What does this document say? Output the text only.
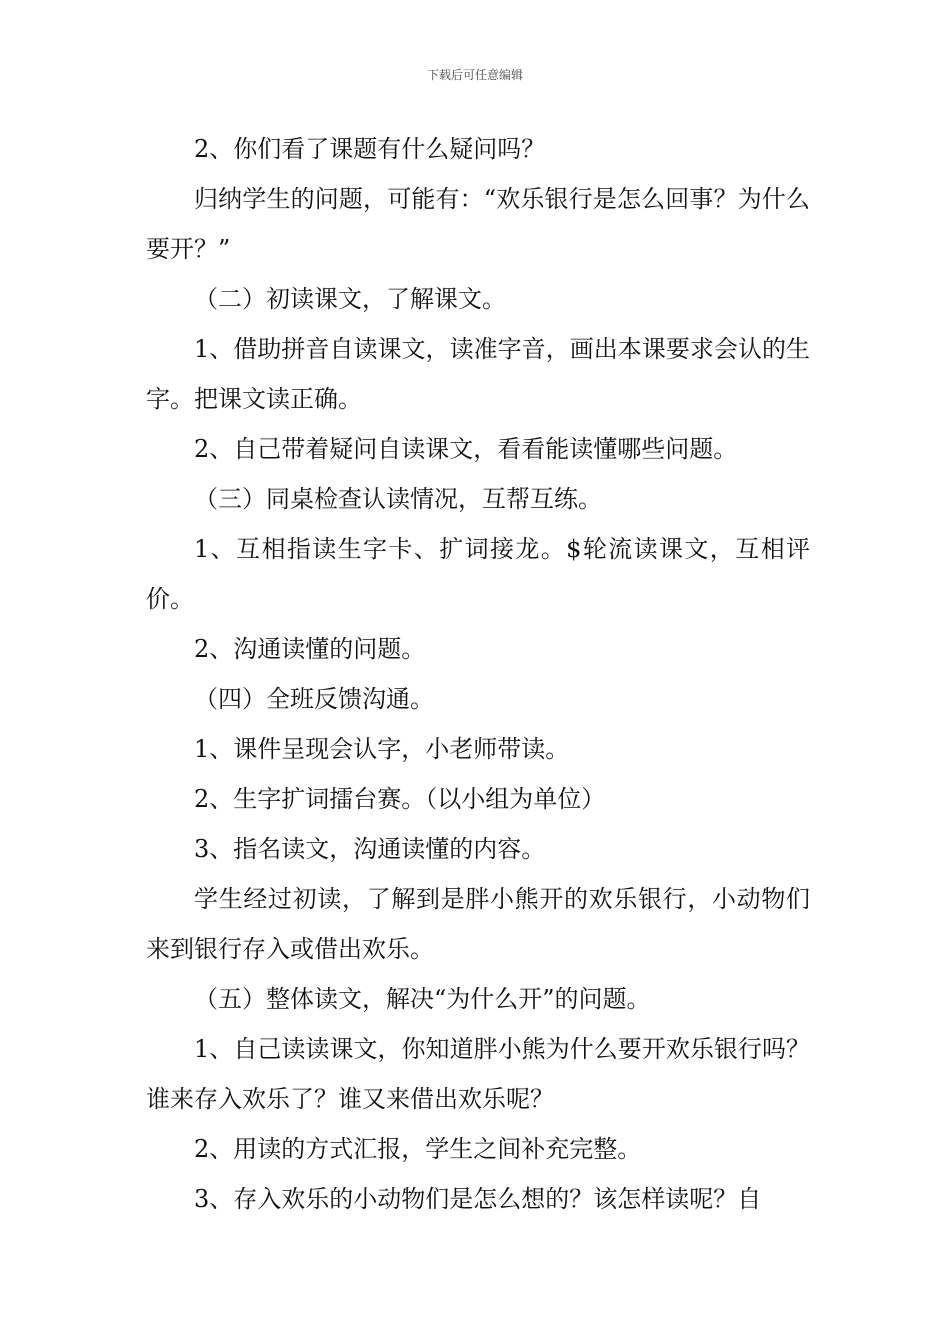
下载后可任意编辑

2、你们看了课题有什么疑问吗？

归纳学生的问题，可能有：“欢乐银行是怎么回事？为什么要开？”

（二）初读课文，了解课文。

1、借助拼音自读课文，读准字音，画出本课要求会认的生字。把课文读正确。

2、自己带着疑问自读课文，看看能读懂哪些问题。

（三）同桌检查认读情况，互帮互练。

1、互相指读生字卡、扩词接龙。$轮流读课文，互相评价。

2、沟通读懂的问题。

（四）全班反馈沟通。

1、课件呈现会认字，小老师带读。

2、生字扩词擂台赛。（以小组为单位）

3、指名读文，沟通读懂的内容。

学生经过初读，了解到是胖小熊开的欢乐银行，小动物们来到银行存入或借出欢乐。

（五）整体读文，解决“为什么开”的问题。

1、自己读读课文，你知道胖小熊为什么要开欢乐银行吗？谁来存入欢乐了？谁又来借出欢乐呢？

2、用读的方式汇报，学生之间补充完整。

3、存入欢乐的小动物们是怎么想的？该怎样读呢？自
